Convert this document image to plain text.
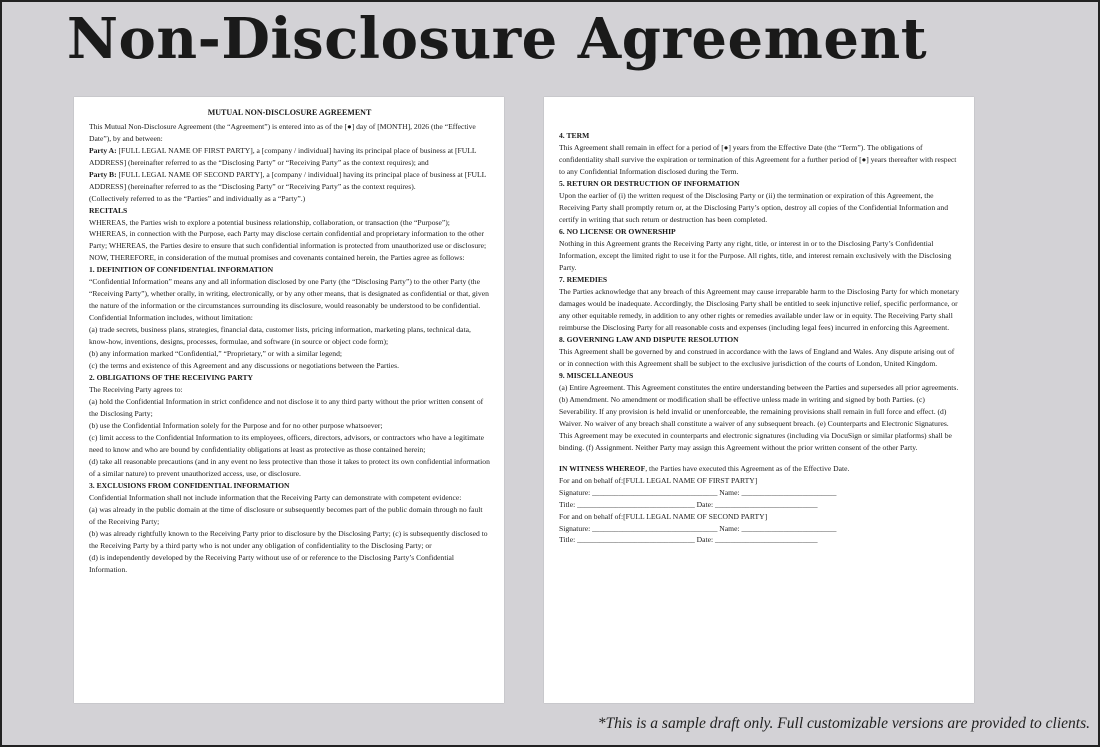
Non-Disclosure Agreement
MUTUAL NON-DISCLOSURE AGREEMENT
This Mutual Non-Disclosure Agreement (the “Agreement”) is entered into as of the [●] day of [MONTH], 2026 (the “Effective Date”), by and between:
Party A: [FULL LEGAL NAME OF FIRST PARTY], a [company / individual] having its principal place of business at [FULL ADDRESS] (hereinafter referred to as the “Disclosing Party” or “Receiving Party” as the context requires); and
Party B: [FULL LEGAL NAME OF SECOND PARTY], a [company / individual] having its principal place of business at [FULL ADDRESS] (hereinafter referred to as the “Disclosing Party” or “Receiving Party” as the context requires).
(Collectively referred to as the “Parties” and individually as a “Party”.)
RECITALS
WHEREAS, the Parties wish to explore a potential business relationship, collaboration, or transaction (the “Purpose”); WHEREAS, in connection with the Purpose, each Party may disclose certain confidential and proprietary information to the other Party; WHEREAS, the Parties desire to ensure that such confidential information is protected from unauthorized use or disclosure;
NOW, THEREFORE, in consideration of the mutual promises and covenants contained herein, the Parties agree as follows:
1. DEFINITION OF CONFIDENTIAL INFORMATION
“Confidential Information” means any and all information disclosed by one Party (the “Disclosing Party”) to the other Party (the “Receiving Party”), whether orally, in writing, electronically, or by any other means, that is designated as confidential or that, given the nature of the information or the circumstances surrounding its disclosure, would reasonably be understood to be confidential. Confidential Information includes, without limitation:
(a) trade secrets, business plans, strategies, financial data, customer lists, pricing information, marketing plans, technical data, know-how, inventions, designs, processes, formulae, and software (in source or object code form);
(b) any information marked “Confidential,” “Proprietary,” or with a similar legend;
(c) the terms and existence of this Agreement and any discussions or negotiations between the Parties.
2. OBLIGATIONS OF THE RECEIVING PARTY
The Receiving Party agrees to:
(a) hold the Confidential Information in strict confidence and not disclose it to any third party without the prior written consent of the Disclosing Party;
(b) use the Confidential Information solely for the Purpose and for no other purpose whatsoever;
(c) limit access to the Confidential Information to its employees, officers, directors, advisors, or contractors who have a legitimate need to know and who are bound by confidentiality obligations at least as protective as those contained herein;
(d) take all reasonable precautions (and in any event no less protective than those it takes to protect its own confidential information of a similar nature) to prevent unauthorized access, use, or disclosure.
3. EXCLUSIONS FROM CONFIDENTIAL INFORMATION
Confidential Information shall not include information that the Receiving Party can demonstrate with competent evidence:
(a) was already in the public domain at the time of disclosure or subsequently becomes part of the public domain through no fault of the Receiving Party;
(b) was already rightfully known to the Receiving Party prior to disclosure by the Disclosing Party; (c) is subsequently disclosed to the Receiving Party by a third party who is not under any obligation of confidentiality to the Disclosing Party; or
(d) is independently developed by the Receiving Party without use of or reference to the Disclosing Party’s Confidential Information.
4. TERM
This Agreement shall remain in effect for a period of [●] years from the Effective Date (the “Term”). The obligations of confidentiality shall survive the expiration or termination of this Agreement for a further period of [●] years thereafter with respect to any Confidential Information disclosed during the Term.
5. RETURN OR DESTRUCTION OF INFORMATION
Upon the earlier of (i) the written request of the Disclosing Party or (ii) the termination or expiration of this Agreement, the Receiving Party shall promptly return or, at the Disclosing Party’s option, destroy all copies of the Confidential Information and certify in writing that such return or destruction has been completed.
6. NO LICENSE OR OWNERSHIP
Nothing in this Agreement grants the Receiving Party any right, title, or interest in or to the Disclosing Party’s Confidential Information, except the limited right to use it for the Purpose. All rights, title, and interest remain exclusively with the Disclosing Party.
7. REMEDIES
The Parties acknowledge that any breach of this Agreement may cause irreparable harm to the Disclosing Party for which monetary damages would be inadequate. Accordingly, the Disclosing Party shall be entitled to seek injunctive relief, specific performance, or any other equitable remedy, in addition to any other rights or remedies available under law or in equity. The Receiving Party shall reimburse the Disclosing Party for all reasonable costs and expenses (including legal fees) incurred in enforcing this Agreement.
8. GOVERNING LAW AND DISPUTE RESOLUTION
This Agreement shall be governed by and construed in accordance with the laws of England and Wales. Any dispute arising out of or in connection with this Agreement shall be subject to the exclusive jurisdiction of the courts of London, United Kingdom.
9. MISCELLANEOUS
(a) Entire Agreement. This Agreement constitutes the entire understanding between the Parties and supersedes all prior agreements. (b) Amendment. No amendment or modification shall be effective unless made in writing and signed by both Parties. (c) Severability. If any provision is held invalid or unenforceable, the remaining provisions shall remain in full force and effect. (d) Waiver. No waiver of any breach shall constitute a waiver of any subsequent breach. (e) Counterparts and Electronic Signatures. This Agreement may be executed in counterparts and electronic signatures (including via DocuSign or similar platforms) shall be binding. (f) Assignment. Neither Party may assign this Agreement without the prior written consent of the other Party.
IN WITNESS WHEREOF, the Parties have executed this Agreement as of the Effective Date.
For and on behalf of:[FULL LEGAL NAME OF FIRST PARTY]
Signature: _________________________________ Name: _________________________
Title: _______________________________ Date: ___________________________
For and on behalf of:[FULL LEGAL NAME OF SECOND PARTY]
Signature: _________________________________ Name: _________________________
Title: _______________________________ Date: ___________________________
*This is a sample draft only. Full customizable versions are provided to clients.
